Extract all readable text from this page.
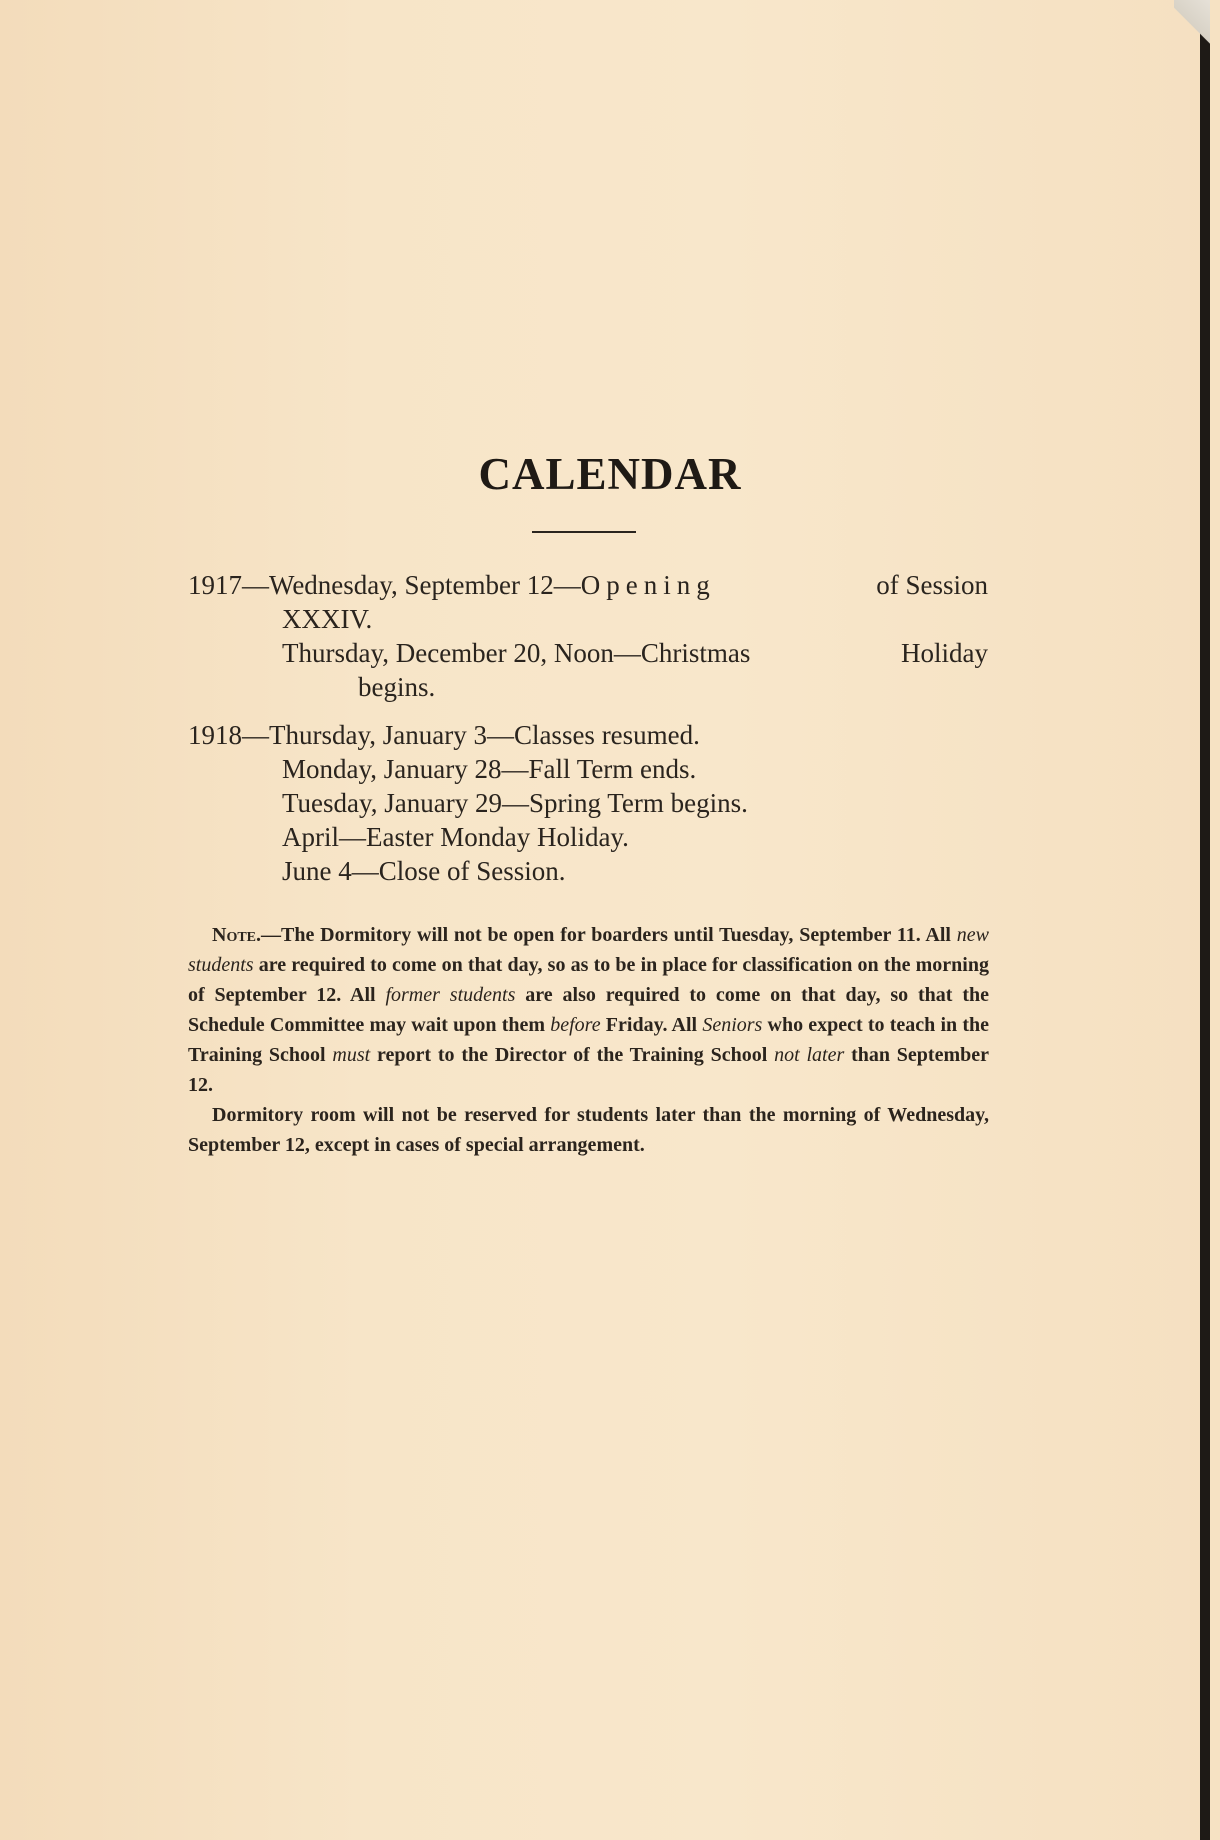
CALENDAR
1917—Wednesday, September 12—Opening	of Session
XXXIV.
Thursday, December 20, Noon—Christmas	Holiday
begins.
1918—Thursday, January 3—Classes resumed.
Monday, January 28—Fall Term ends.
Tuesday, January 29—Spring Term begins.
April—Easter Monday Holiday.
June 4—Close of Session.

Note.—The Dormitory will not be open for boarders until Tuesday, September 11. All new students are required to come on that day, so as to be in place for classification on the morning of September 12. All former students are also required to come on that day, so that the Schedule Committee may wait upon them before Friday. All Seniors who expect to teach in the Training School must report to the Director of the Training School not later than September 12.

Dormitory room will not be reserved for students later than the morning of Wednesday, September 12, except in cases of special arrangement.
